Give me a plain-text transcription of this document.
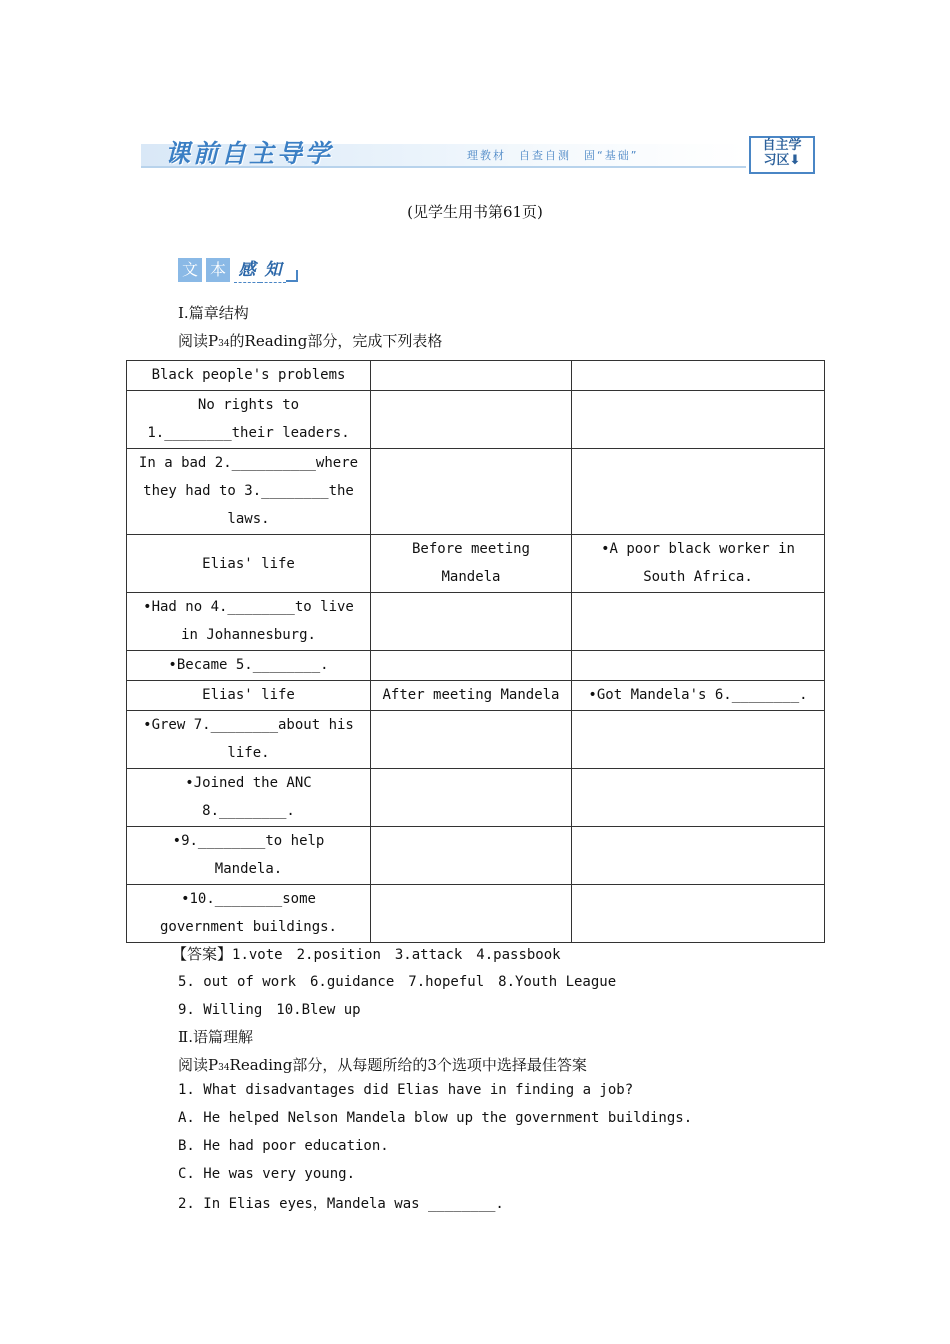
课前自主导学	理教材　自查自测　固“基础”
自主学
习区⬇
(见学生用书第61页)
文 本 感 知
Ⅰ.篇章结构
阅读P34的Reading部分，完成下列表格
Black people's problems		
No rights to 1.________their leaders.		
In a bad 2.__________where they had to 3.________the laws.		
Elias' life	Before meeting Mandela	•A poor black worker in South Africa.
•Had no 4.________to live in Johannesburg.		
•Became 5.________.		
Elias' life	After meeting Mandela	•Got Mandela's 6.________.
•Grew 7.________about his life.		
•Joined the ANC 8.________.		
•9.________to help Mandela.		
•10.________some government buildings.		
【答案】1.vote　2.position　3.attack　4.passbook
5. out of work　6.guidance　7.hopeful　8.Youth League
9. Willing　10.Blew up
Ⅱ.语篇理解
阅读P34Reading部分，从每题所给的3个选项中选择最佳答案
1. What disadvantages did Elias have in finding a job?
A. He helped Nelson Mandela blow up the government buildings.
B. He had poor education.
C. He was very young.
2. In Elias eyes，Mandela was ________.
